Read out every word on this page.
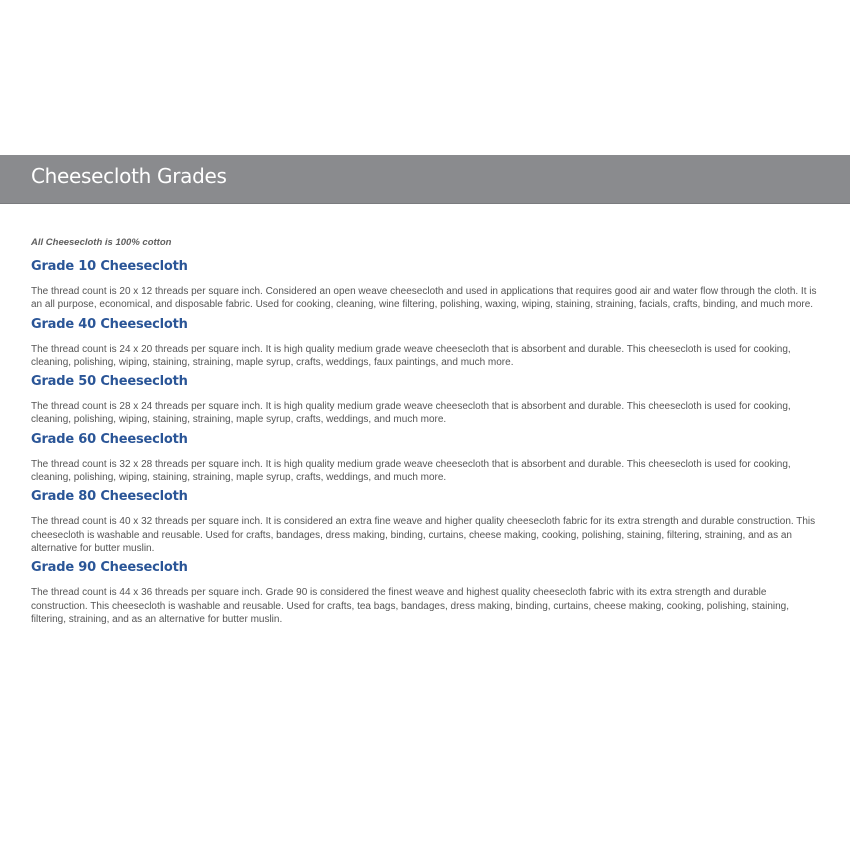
Cheesecloth Grades

All Cheesecloth is 100% cotton

Grade 10 Cheesecloth

The thread count is 20 x 12 threads per square inch. Considered an open weave cheesecloth and used in applications that requires good air and water flow through the cloth. It is an all purpose, economical, and disposable fabric. Used for cooking, cleaning, wine filtering, polishing, waxing, wiping, staining, straining, facials, crafts, binding, and much more.

Grade 40 Cheesecloth

The thread count is 24 x 20 threads per square inch. It is high quality medium grade weave cheesecloth that is absorbent and durable. This cheesecloth is used for cooking, cleaning, polishing, wiping, staining, straining, maple syrup, crafts, weddings, faux paintings, and much more.

Grade 50 Cheesecloth

The thread count is 28 x 24 threads per square inch. It is high quality medium grade weave cheesecloth that is absorbent and durable. This cheesecloth is used for cooking, cleaning, polishing, wiping, staining, straining, maple syrup, crafts, weddings, and much more.

Grade 60 Cheesecloth

The thread count is 32 x 28 threads per square inch. It is high quality medium grade weave cheesecloth that is absorbent and durable. This cheesecloth is used for cooking, cleaning, polishing, wiping, staining, straining, maple syrup, crafts, weddings, and much more.

Grade 80 Cheesecloth

The thread count is 40 x 32 threads per square inch. It is considered an extra fine weave and higher quality cheesecloth fabric for its extra strength and durable construction. This cheesecloth is washable and reusable. Used for crafts, bandages, dress making, binding, curtains, cheese making, cooking, polishing, staining, filtering, straining, and as an alternative for butter muslin.

Grade 90 Cheesecloth

The thread count is 44 x 36 threads per square inch. Grade 90 is considered the finest weave and highest quality cheesecloth fabric with its extra strength and durable construction. This cheesecloth is washable and reusable. Used for crafts, tea bags, bandages, dress making, binding, curtains, cheese making, cooking, polishing, staining, filtering, straining, and as an alternative for butter muslin.
